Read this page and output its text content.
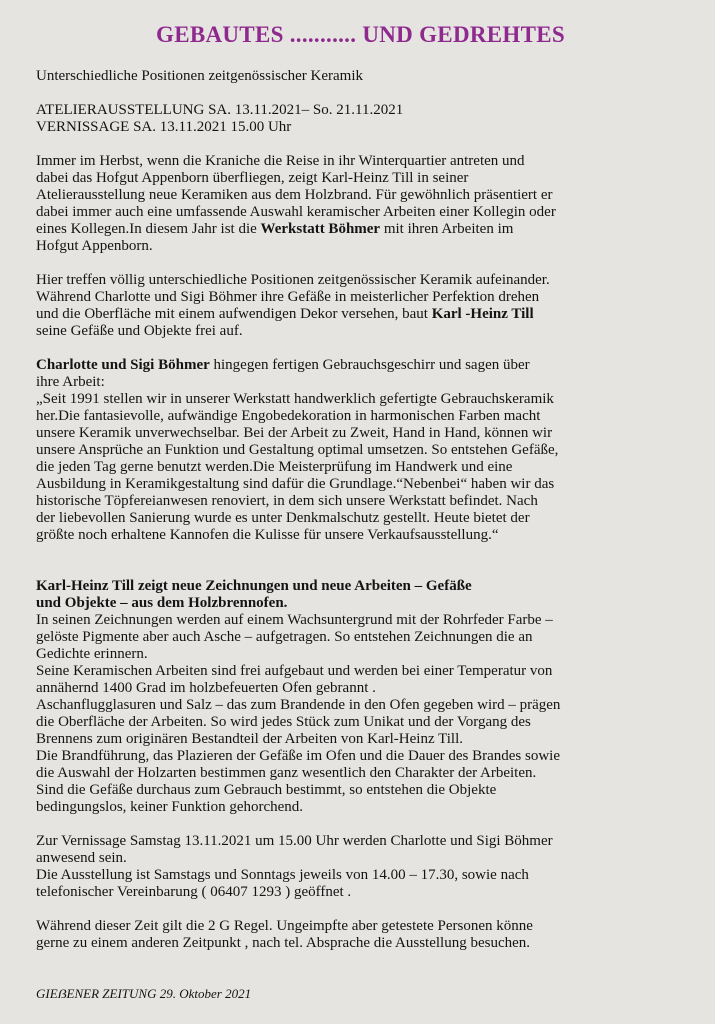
GEBAUTES ........... UND GEDREHTES
Unterschiedliche Positionen zeitgenössischer Keramik
ATELIERAUSSTELLUNG SA. 13.11.2021– So. 21.11.2021
VERNISSAGE SA. 13.11.2021 15.00 Uhr
Immer im Herbst, wenn die Kraniche die Reise in ihr Winterquartier antreten und
dabei das Hofgut Appenborn überfliegen, zeigt Karl-Heinz Till in seiner
Atelierausstellung neue Keramiken aus dem Holzbrand. Für gewöhnlich präsentiert er
dabei immer auch eine umfassende Auswahl keramischer Arbeiten einer Kollegin oder
eines Kollegen.In diesem Jahr ist die Werkstatt Böhmer mit ihren Arbeiten im
Hofgut Appenborn.
Hier treffen völlig unterschiedliche Positionen zeitgenössischer Keramik aufeinander.
Während Charlotte und Sigi Böhmer ihre Gefäße in meisterlicher Perfektion drehen
und die Oberfläche mit einem aufwendigen Dekor versehen, baut Karl -Heinz Till
seine Gefäße und Objekte frei auf.
Charlotte und Sigi Böhmer hingegen fertigen Gebrauchsgeschirr und sagen über
ihre Arbeit:
„Seit 1991 stellen wir in unserer Werkstatt handwerklich gefertigte Gebrauchskeramik
her.Die fantasievolle, aufwändige Engobedekoration in harmonischen Farben macht
unsere Keramik unverwechselbar. Bei der Arbeit zu Zweit, Hand in Hand, können wir
unsere Ansprüche an Funktion und Gestaltung optimal umsetzen. So entstehen Gefäße,
die jeden Tag gerne benutzt werden.Die Meisterprüfung im Handwerk und eine
Ausbildung in Keramikgestaltung sind dafür die Grundlage.“Nebenbei“ haben wir das
historische Töpfereianwesen renoviert, in dem sich unsere Werkstatt befindet. Nach
der liebevollen Sanierung wurde es unter Denkmalschutz gestellt. Heute bietet der
größte noch erhaltene Kannofen die Kulisse für unsere Verkaufsausstellung.“
Karl-Heinz Till zeigt neue Zeichnungen und neue Arbeiten – Gefäße
und Objekte – aus dem Holzbrennofen.
In seinen Zeichnungen werden auf einem Wachsuntergrund mit der Rohrfeder Farbe –
gelöste Pigmente aber auch Asche – aufgetragen. So entstehen Zeichnungen die an
Gedichte erinnern.
Seine Keramischen Arbeiten sind frei aufgebaut und werden bei einer Temperatur von
annähernd 1400 Grad im holzbefeuerten Ofen gebrannt .
Aschanflugglasuren und Salz – das zum Brandende in den Ofen gegeben wird – prägen
die Oberfläche der Arbeiten. So wird jedes Stück zum Unikat und der Vorgang des
Brennens zum originären Bestandteil der Arbeiten von Karl-Heinz Till.
Die Brandführung, das Plazieren der Gefäße im Ofen und die Dauer des Brandes sowie
die Auswahl der Holzarten bestimmen ganz wesentlich den Charakter der Arbeiten.
Sind die Gefäße durchaus zum Gebrauch bestimmt, so entstehen die Objekte
bedingungslos, keiner Funktion gehorchend.
Zur Vernissage Samstag 13.11.2021 um 15.00 Uhr werden Charlotte und Sigi Böhmer
anwesend sein.
Die Ausstellung ist Samstags und Sonntags jeweils von 14.00 – 17.30, sowie nach
telefonischer Vereinbarung ( 06407 1293 ) geöffnet .
Während dieser Zeit gilt die 2 G Regel. Ungeimpfte aber getestete Personen könne
gerne zu einem anderen Zeitpunkt , nach tel. Absprache die Ausstellung besuchen.
GIEẞENER ZEITUNG 29. Oktober 2021
